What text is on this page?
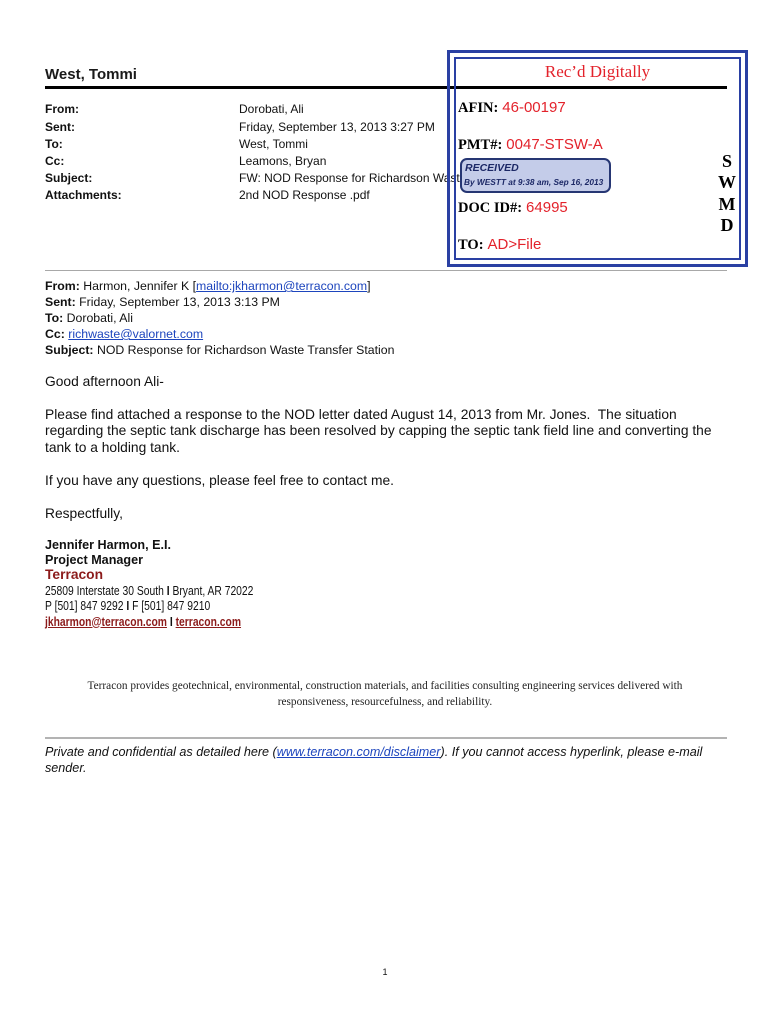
West, Tommi
From:	Dorobati, Ali
Sent:	Friday, September 13, 2013 3:27 PM
To:	West, Tommi
Cc:	Leamons, Bryan
Subject:	FW: NOD Response for Richardson Wast
Attachments:	2nd NOD Response .pdf
Rec’d Digitally
AFIN: 46-00197
PMT#: 0047-STSW-A
RECEIVED
By WESTT at 9:38 am, Sep 16, 2013
DOC ID#: 64995
TO: AD>File
S
W
M
D
From: Harmon, Jennifer K [mailto:jkharmon@terracon.com]
Sent: Friday, September 13, 2013 3:13 PM
To: Dorobati, Ali
Cc: richwaste@valornet.com
Subject: NOD Response for Richardson Waste Transfer Station
Good afternoon Ali-
Please find attached a response to the NOD letter dated August 14, 2013 from Mr. Jones.  The situation
regarding the septic tank discharge has been resolved by capping the septic tank field line and converting the
tank to a holding tank.
If you have any questions, please feel free to contact me.
Respectfully,
Jennifer Harmon, E.I.
Project Manager
Terracon
25809 Interstate 30 South I Bryant, AR 72022
P [501] 847 9292 I F [501] 847 9210
jkharmon@terracon.com I terracon.com
Terracon provides geotechnical, environmental, construction materials, and facilities consulting engineering services delivered with
responsiveness, resourcefulness, and reliability.
Private and confidential as detailed here (www.terracon.com/disclaimer). If you cannot access hyperlink, please e-mail
sender.
1
